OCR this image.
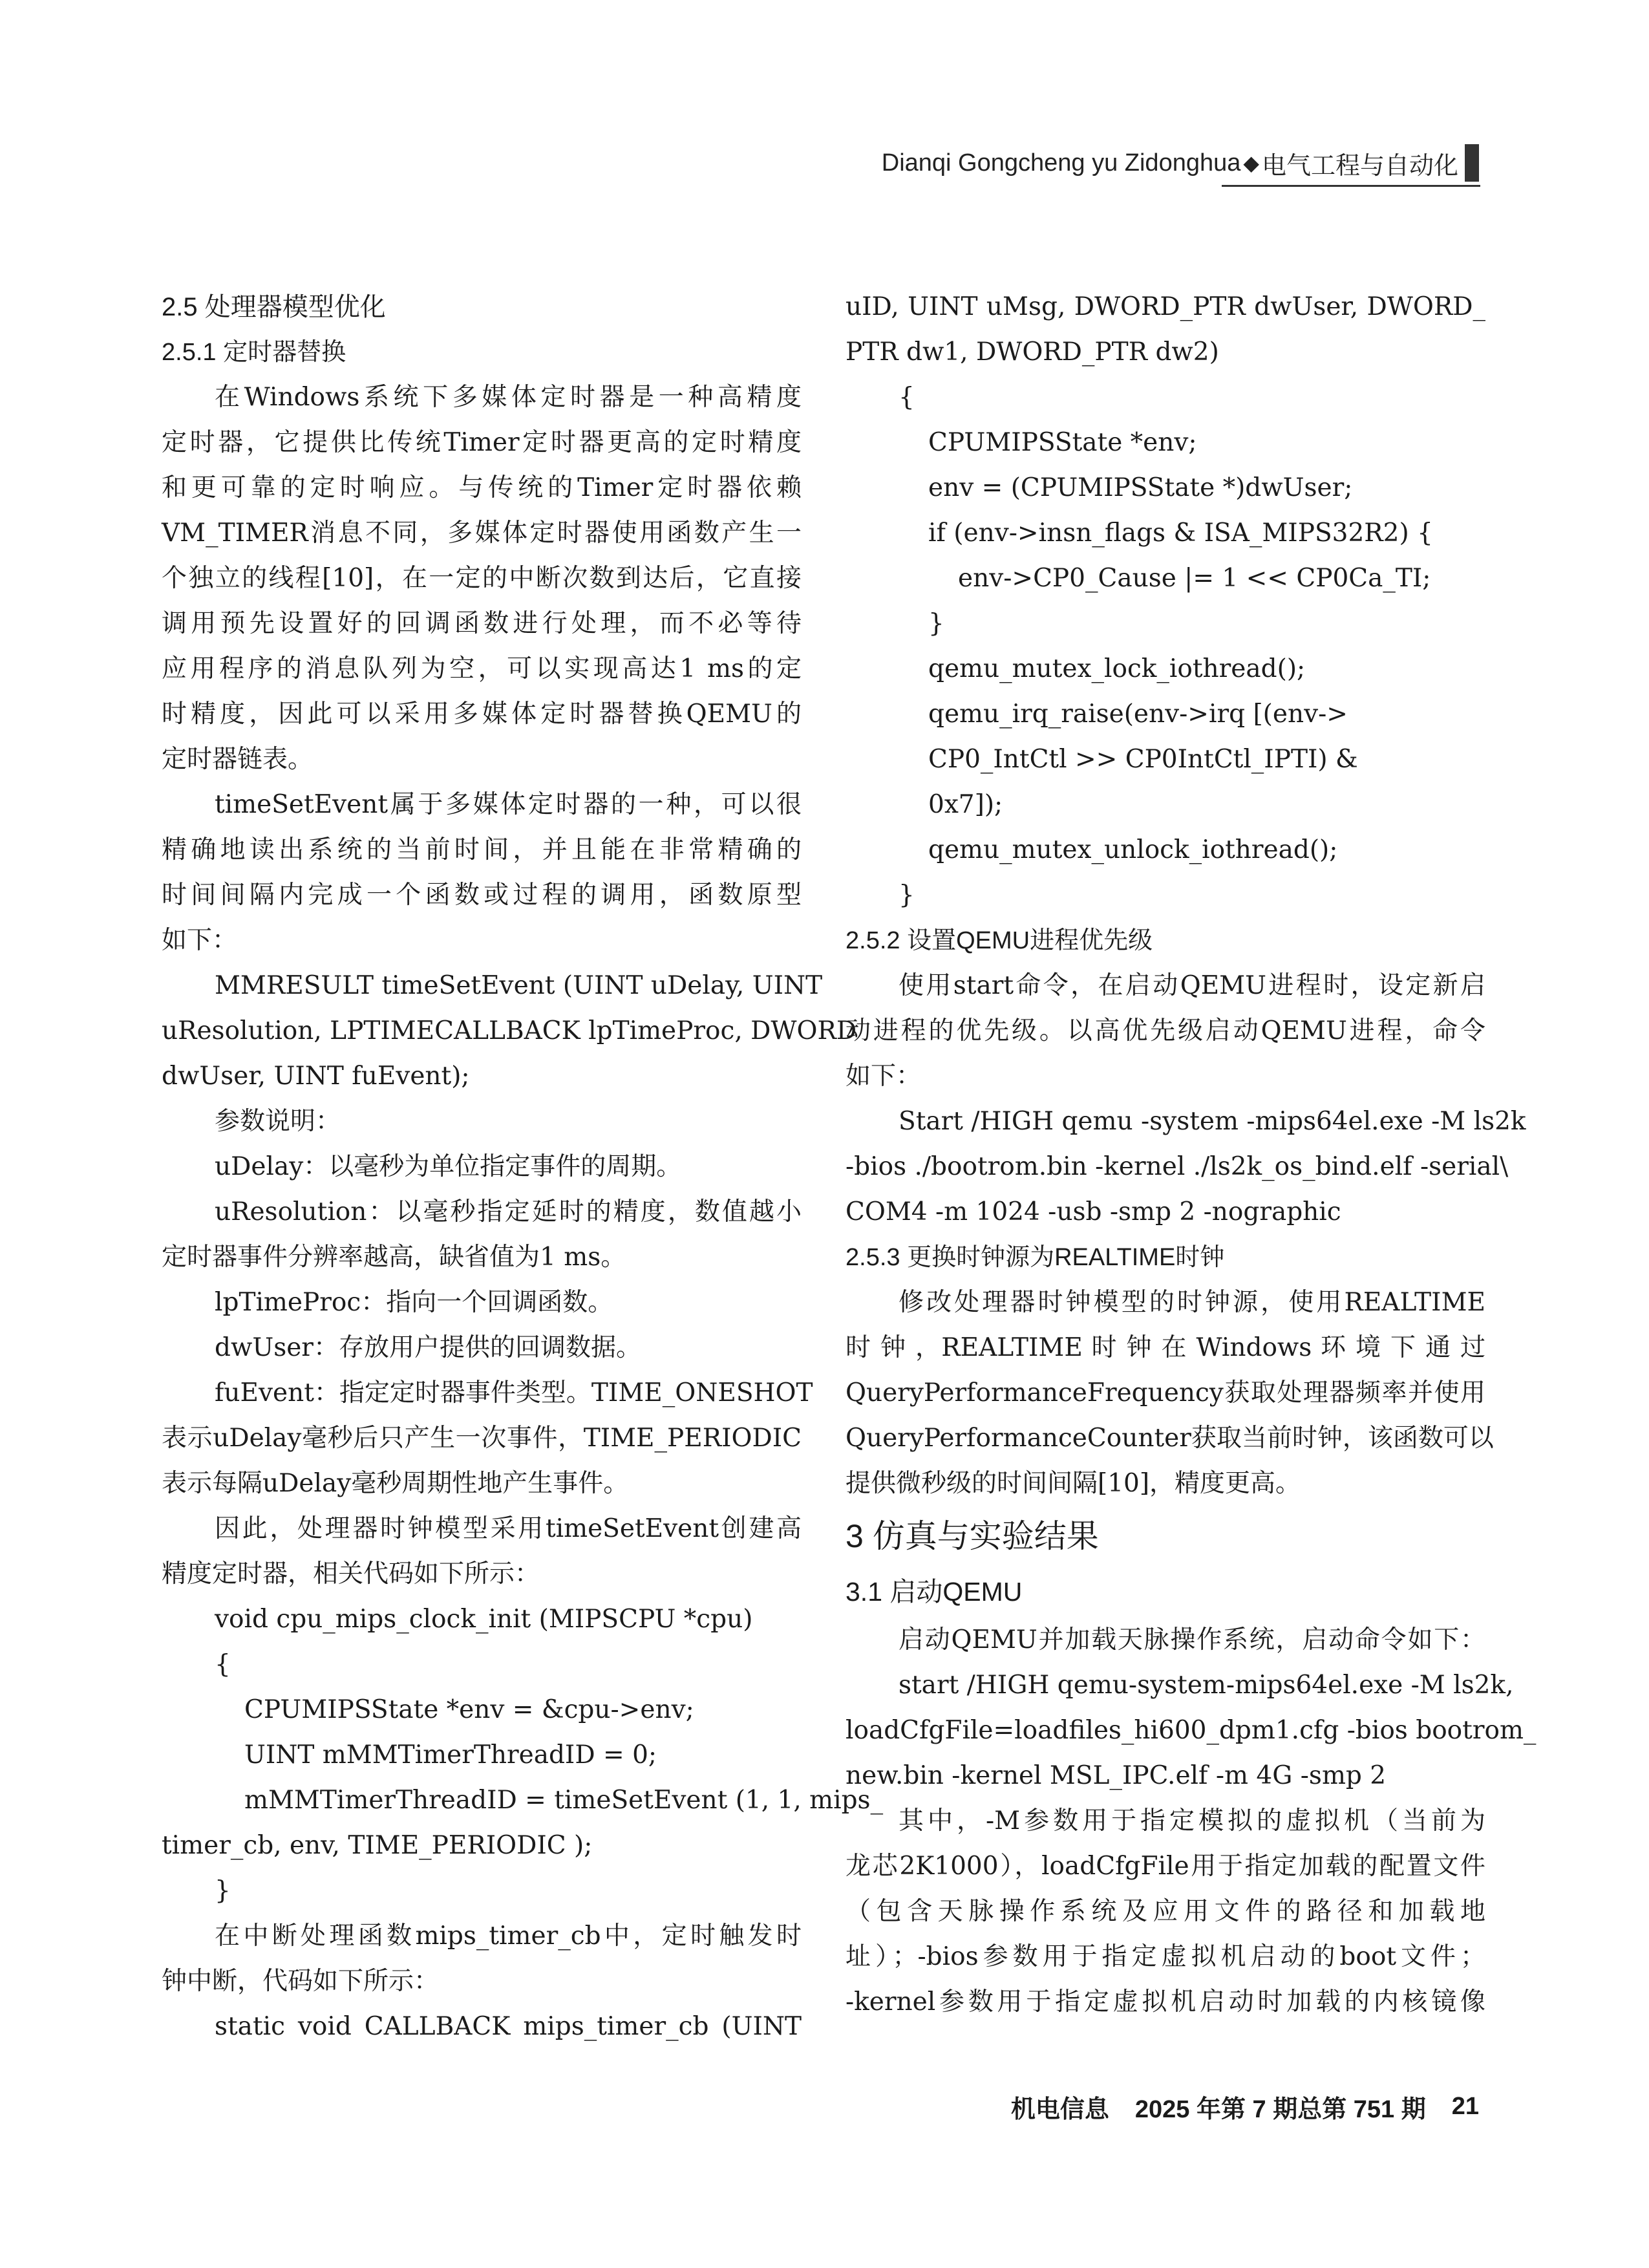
Dianqi Gongcheng yu Zidonghua ◆ 电气工程与自动化
2.5 处理器模型优化
2.5.1 定时器替换
在Windows系统下多媒体定时器是一种高精度
定时器，它提供比传统Timer定时器更高的定时精度
和更可靠的定时响应。与传统的Timer定时器依赖
VM_TIMER消息不同，多媒体定时器使用函数产生一
个独立的线程[10]，在一定的中断次数到达后，它直接
调用预先设置好的回调函数进行处理，而不必等待
应用程序的消息队列为空，可以实现高达1 ms的定
时精度，因此可以采用多媒体定时器替换QEMU的
定时器链表。
timeSetEvent属于多媒体定时器的一种，可以很
精确地读出系统的当前时间，并且能在非常精确的
时间间隔内完成一个函数或过程的调用，函数原型
如下：
MMRESULT timeSetEvent (UINT uDelay, UINT
uResolution, LPTIMECALLBACK lpTimeProc, DWORD
dwUser, UINT fuEvent);
参数说明：
uDelay：以毫秒为单位指定事件的周期。
uResolution：以毫秒指定延时的精度，数值越小
定时器事件分辨率越高，缺省值为1 ms。
lpTimeProc：指向一个回调函数。
dwUser：存放用户提供的回调数据。
fuEvent：指定定时器事件类型。TIME_ONESHOT
表示uDelay毫秒后只产生一次事件，TIME_PERIODIC
表示每隔uDelay毫秒周期性地产生事件。
因此，处理器时钟模型采用timeSetEvent创建高
精度定时器，相关代码如下所示：
void cpu_mips_clock_init (MIPSCPU *cpu)
{
CPUMIPSState *env = &cpu->env;
UINT mMMTimerThreadID = 0;
mMMTimerThreadID = timeSetEvent (1, 1, mips_
timer_cb, env, TIME_PERIODIC );
}
在中断处理函数mips_timer_cb中，定时触发时
钟中断，代码如下所示：
static void CALLBACK mips_timer_cb (UINT
uID, UINT uMsg, DWORD_PTR dwUser, DWORD_
PTR dw1, DWORD_PTR dw2)
{
CPUMIPSState *env;
env = (CPUMIPSState *)dwUser;
if (env->insn_flags & ISA_MIPS32R2) {
env->CP0_Cause |= 1 << CP0Ca_TI;
}
qemu_mutex_lock_iothread();
qemu_irq_raise(env->irq [(env->
CP0_IntCtl >> CP0IntCtl_IPTI) &
0x7]);
qemu_mutex_unlock_iothread();
}
2.5.2 设置QEMU进程优先级
使用start命令，在启动QEMU进程时，设定新启
动进程的优先级。以高优先级启动QEMU进程，命令
如下：
Start /HIGH qemu -system -mips64el.exe -M ls2k
-bios ./bootrom.bin -kernel ./ls2k_os_bind.elf -serial\
COM4 -m 1024 -usb -smp 2 -nographic
2.5.3 更换时钟源为REALTIME时钟
修改处理器时钟模型的时钟源，使用REALTIME
时 钟 ，REALTIME 时 钟 在 Windows 环 境 下 通 过
QueryPerformanceFrequency获取处理器频率并使用
QueryPerformanceCounter获取当前时钟，该函数可以
提供微秒级的时间间隔[10]，精度更高。
3 仿真与实验结果
3.1 启动QEMU
启动QEMU并加载天脉操作系统，启动命令如下：
start /HIGH qemu-system-mips64el.exe -M ls2k,
loadCfgFile=loadfiles_hi600_dpm1.cfg -bios bootrom_
new.bin -kernel MSL_IPC.elf -m 4G -smp 2
其中，-M参数用于指定模拟的虚拟机（当前为
龙芯2K1000），loadCfgFile用于指定加载的配置文件
（包含天脉操作系统及应用文件的路径和加载地
址）；-bios参数用于指定虚拟机启动的boot文件；
-kernel参数用于指定虚拟机启动时加载的内核镜像
机电信息 2025 年第 7 期总第 751 期 21
